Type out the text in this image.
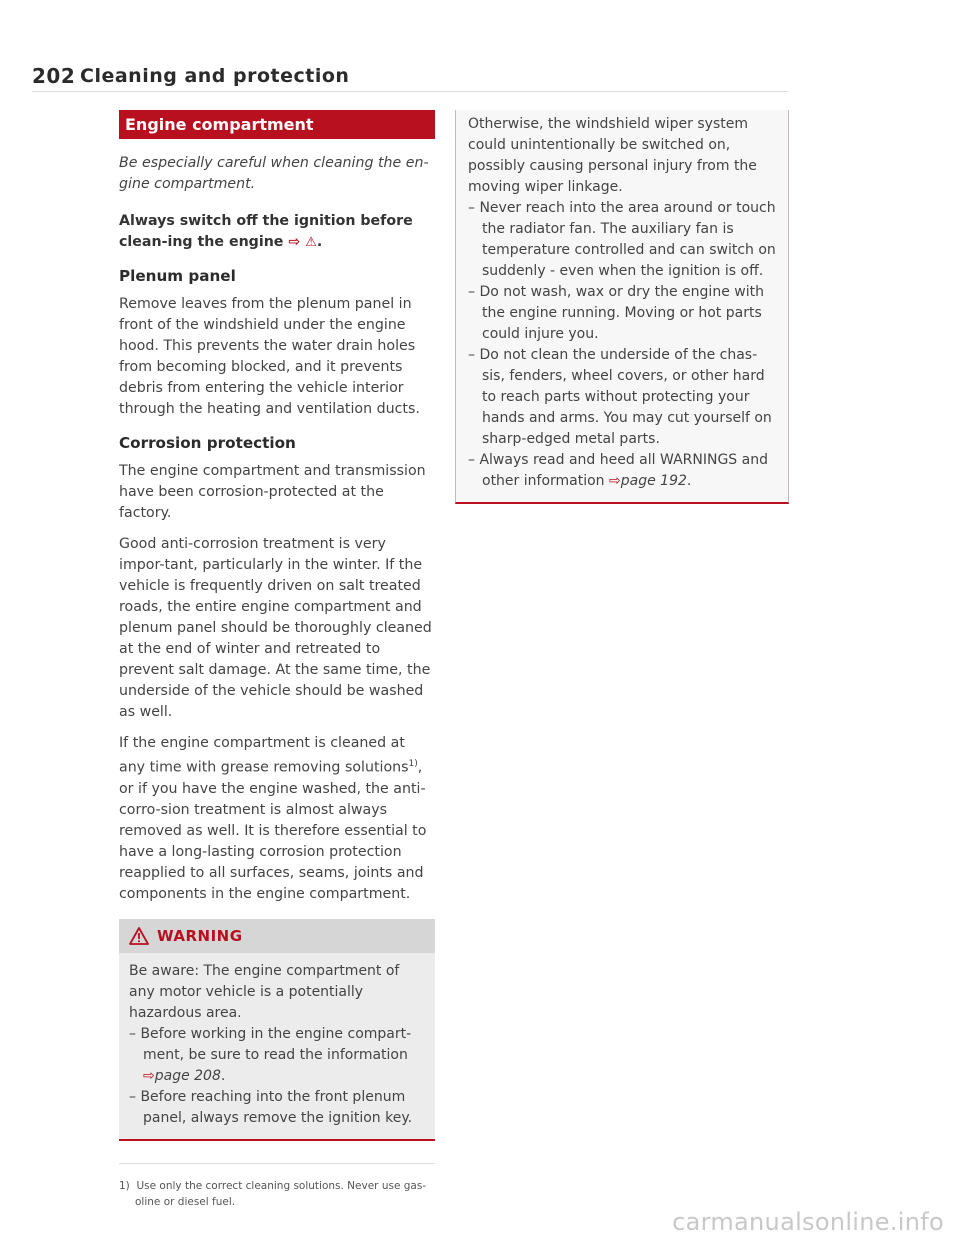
202 Cleaning and protection
Engine compartment

Be especially careful when cleaning the en-gine compartment.

Always switch off the ignition before clean-ing the engine ⇨ ⚠.

Plenum panel

Remove leaves from the plenum panel in front of the windshield under the engine hood. This prevents the water drain holes from becoming blocked, and it prevents debris from entering the vehicle interior through the heating and ventilation ducts.

Corrosion protection

The engine compartment and transmission have been corrosion-protected at the factory.

Good anti-corrosion treatment is very impor-tant, particularly in the winter. If the vehicle is frequently driven on salt treated roads, the entire engine compartment and plenum panel should be thoroughly cleaned at the end of winter and retreated to prevent salt damage. At the same time, the underside of the vehicle should be washed as well.

If the engine compartment is cleaned at any time with grease removing solutions$^{1)}$, or if you have the engine washed, the anti-corro-sion treatment is almost always removed as well. It is therefore essential to have a long-lasting corrosion protection reapplied to all surfaces, seams, joints and components in the engine compartment.

WARNING

Be aware: The engine compartment of any motor vehicle is a potentially hazardous area.

– Before working in the engine compart-ment, be sure to read the information ⇨page 208.

– Before reaching into the front plenum panel, always remove the ignition key.

1) Use only the correct cleaning solutions. Never use gas-oline or diesel fuel.

Otherwise, the windshield wiper system could unintentionally be switched on, possibly causing personal injury from the moving wiper linkage.

– Never reach into the area around or touch the radiator fan. The auxiliary fan is temperature controlled and can switch on suddenly - even when the ignition is off.

– Do not wash, wax or dry the engine with the engine running. Moving or hot parts could injure you.

– Do not clean the underside of the chas-sis, fenders, wheel covers, or other hard to reach parts without protecting your hands and arms. You may cut yourself on sharp-edged metal parts.

– Always read and heed all WARNINGS and other information ⇨page 192.

carmanualsonline.info
